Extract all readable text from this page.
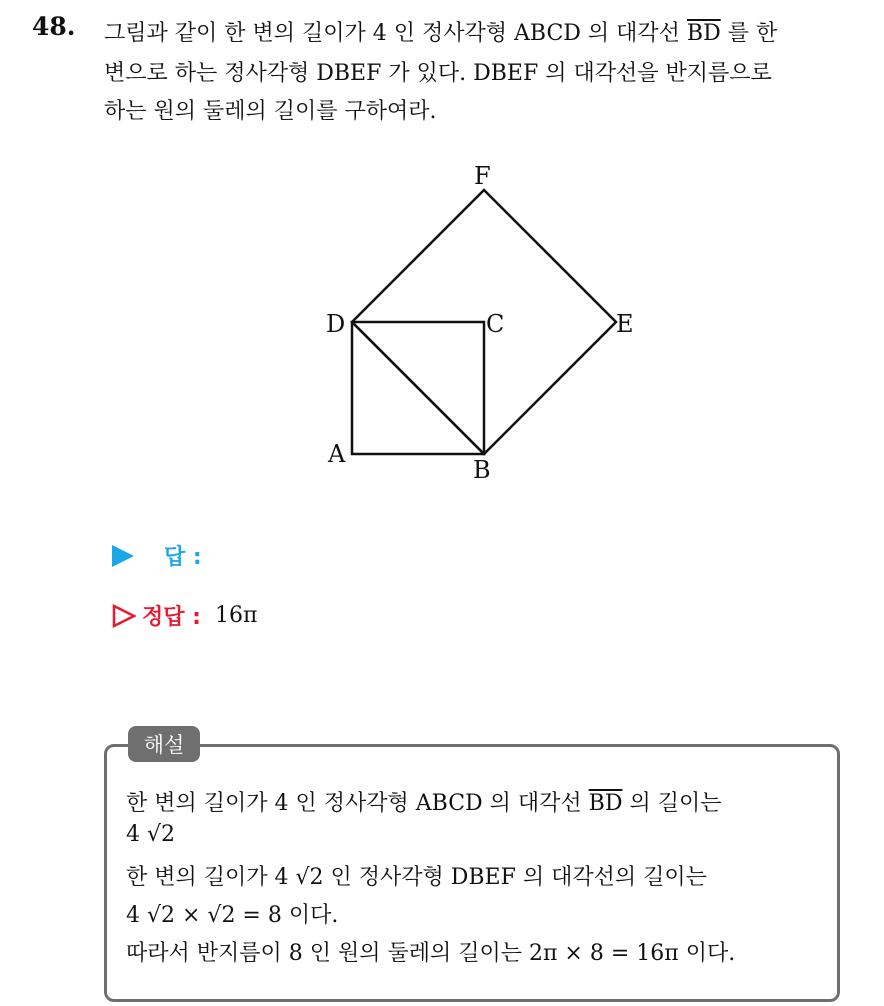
48. 그림과 같이 한 변의 길이가 4 인 정사각형 ABCD 의 대각선 $\overline{BD}$ 를 한
변으로 하는 정사각형 DBEF 가 있다. DBEF 의 대각선을 반지름으로
하는 원의 둘레의 길이를 구하여라.
F
D	C	E
A
B
답 :
정답 : 16π
해설
한 변의 길이가 4 인 정사각형 ABCD 의 대각선 $\overline{BD}$ 의 길이는
4 √2
한 변의 길이가 4 √2 인 정사각형 DBEF 의 대각선의 길이는
4 √2 × √2 = 8 이다.
따라서 반지름이 8 인 원의 둘레의 길이는 2π × 8 = 16π 이다.
